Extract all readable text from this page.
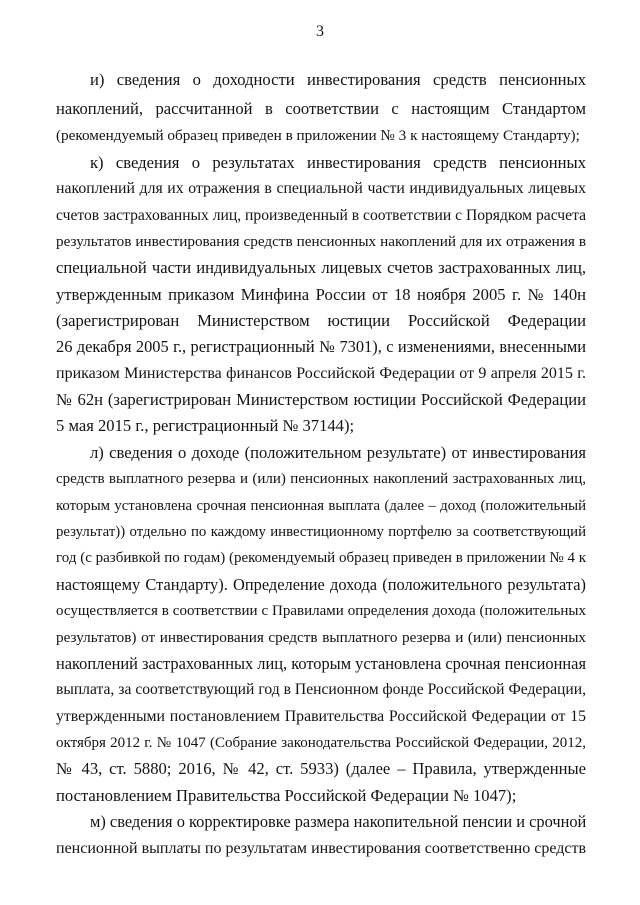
3
и) сведения о доходности инвестирования средств пенсионных
накоплений, рассчитанной в соответствии с настоящим Стандартом
(рекомендуемый образец приведен в приложении № 3 к настоящему Стандарту);
к) сведения о результатах инвестирования средств пенсионных
накоплений для их отражения в специальной части индивидуальных лицевых
счетов застрахованных лиц, произведенный в соответствии с Порядком расчета
результатов инвестирования средств пенсионных накоплений для их отражения в
специальной части индивидуальных лицевых счетов застрахованных лиц,
утвержденным приказом Минфина России от 18 ноября 2005 г. № 140н
(зарегистрирован Министерством юстиции Российской Федерации
26 декабря 2005 г., регистрационный № 7301), с изменениями, внесенными
приказом Министерства финансов Российской Федерации от 9 апреля 2015 г.
№ 62н (зарегистрирован Министерством юстиции Российской Федерации
5 мая 2015 г., регистрационный № 37144);
л) сведения о доходе (положительном результате) от инвестирования
средств выплатного резерва и (или) пенсионных накоплений застрахованных лиц,
которым установлена срочная пенсионная выплата (далее – доход (положительный
результат)) отдельно по каждому инвестиционному портфелю за соответствующий
год (с разбивкой по годам) (рекомендуемый образец приведен в приложении № 4 к
настоящему Стандарту). Определение дохода (положительного результата)
осуществляется в соответствии с Правилами определения дохода (положительных
результатов) от инвестирования средств выплатного резерва и (или) пенсионных
накоплений застрахованных лиц, которым установлена срочная пенсионная
выплата, за соответствующий год в Пенсионном фонде Российской Федерации,
утвержденными постановлением Правительства Российской Федерации от 15
октября 2012 г. № 1047 (Собрание законодательства Российской Федерации, 2012,
№ 43, ст. 5880; 2016, № 42, ст. 5933) (далее – Правила, утвержденные
постановлением Правительства Российской Федерации № 1047);
м) сведения о корректировке размера накопительной пенсии и срочной
пенсионной выплаты по результатам инвестирования соответственно средств
